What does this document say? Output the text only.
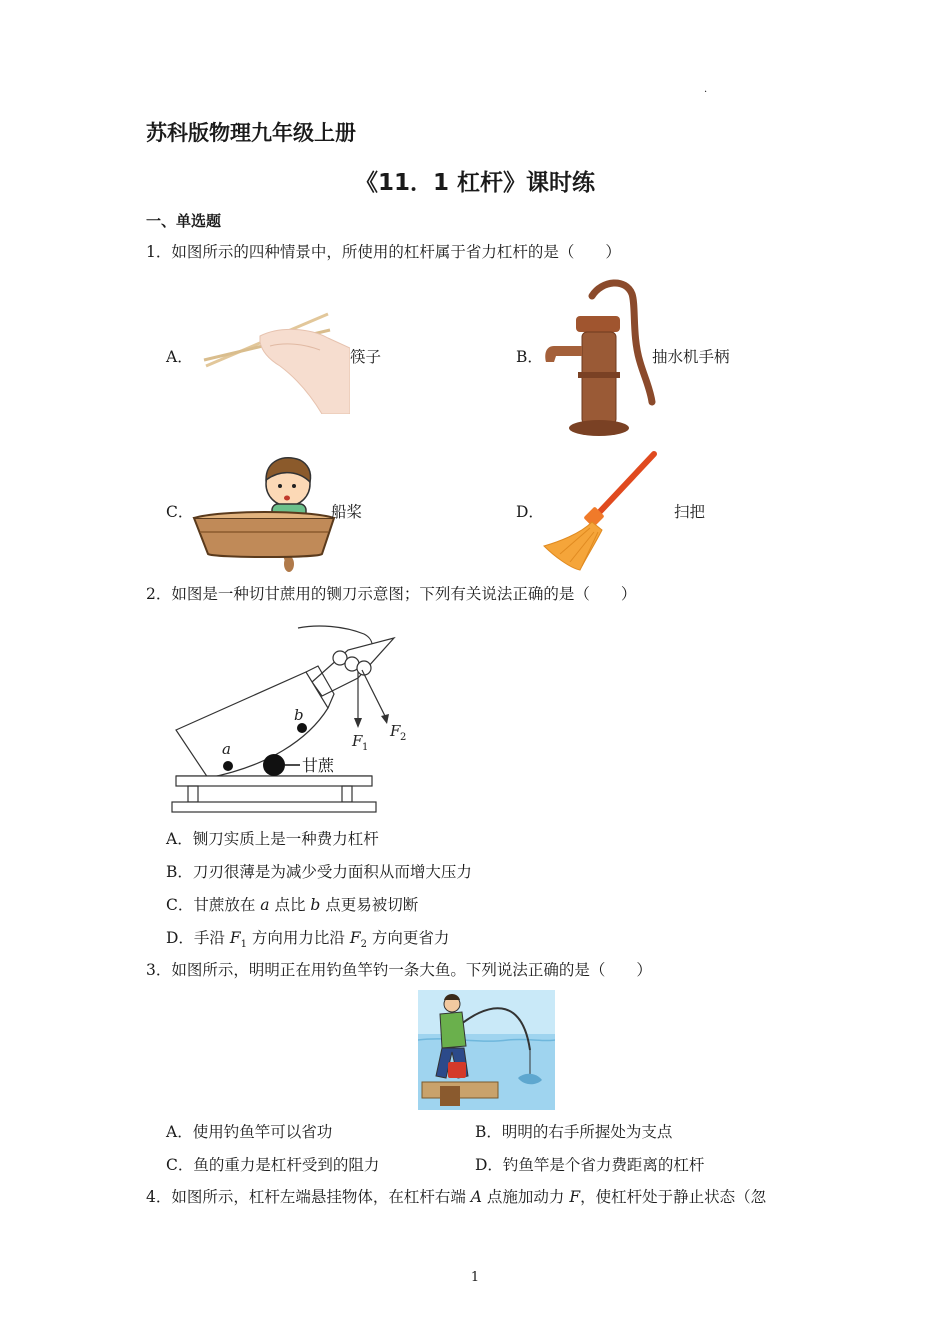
.
苏科版物理九年级上册
《11．1 杠杆》课时练
一、单选题
1．如图所示的四种情景中，所使用的杠杆属于省力杠杆的是（　　）
A．	筷子	B．	抽水机手柄
C．	船桨	D．	扫把
2．如图是一种切甘蔗用的铡刀示意图；下列有关说法正确的是（　　）
a
b
F 1
F 2
甘蔗
A．铡刀实质上是一种费力杠杆
B．刀刃很薄是为减少受力面积从而增大压力
C．甘蔗放在 a 点比 b 点更易被切断
D．手沿 $F_1$ 方向用力比沿 $F_2$ 方向更省力
3．如图所示，明明正在用钓鱼竿钓一条大鱼。下列说法正确的是（　　）
A．使用钓鱼竿可以省功	B．明明的右手所握处为支点
C．鱼的重力是杠杆受到的阻力	D．钓鱼竿是个省力费距离的杠杆
4．如图所示，杠杆左端悬挂物体，在杠杆右端 A 点施加动力 F，使杠杆处于静止状态（忽
1
